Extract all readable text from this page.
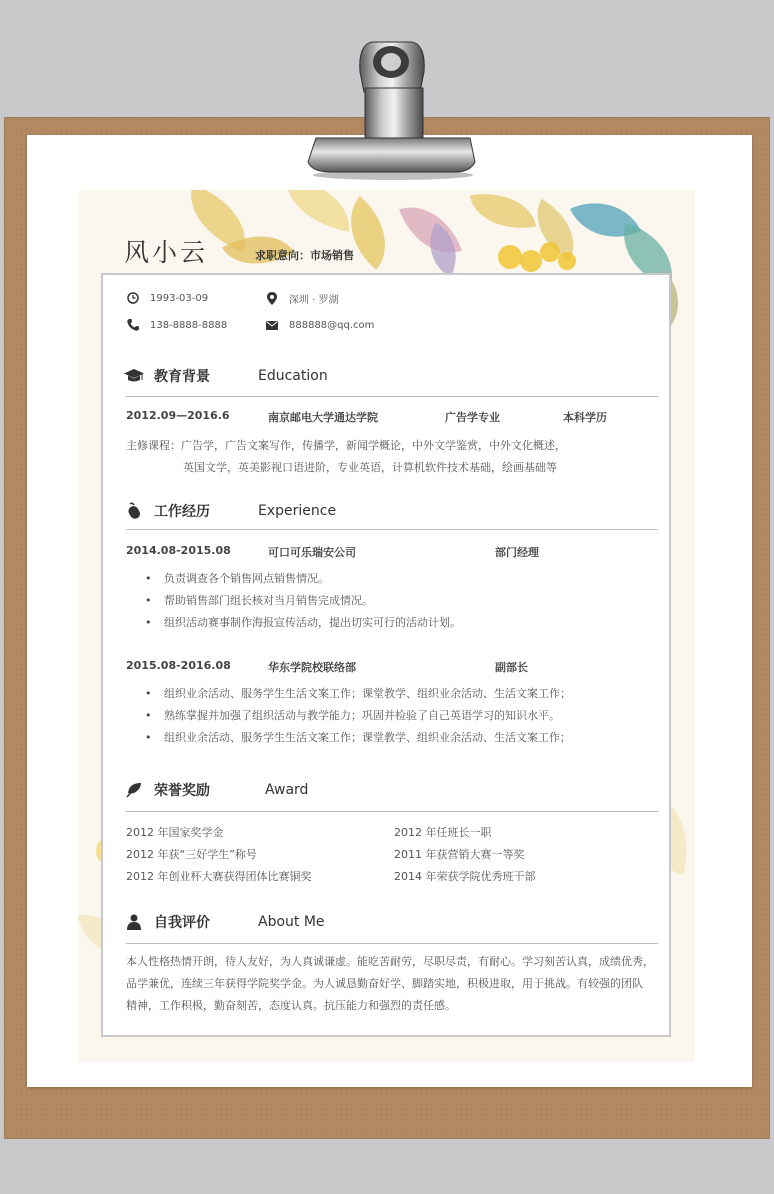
风小云	求职意向：市场销售
1993-03-09	深圳 · 罗湖
138-8888-8888	888888@qq.com
教育背景	Education
2012.09—2016.6	南京邮电大学通达学院	广告学专业	本科学历
主修课程：广告学，广告文案写作，传播学，新闻学概论，中外文学鉴赏，中外文化概述，
英国文学，英美影视口语进阶，专业英语，计算机软件技术基础，绘画基础等
工作经历	Experience
2014.08-2015.08	可口可乐瑞安公司	部门经理
• 负责调查各个销售网点销售情况。
• 帮助销售部门组长核对当月销售完成情况。
• 组织活动赛事制作海报宣传活动，提出切实可行的活动计划。
2015.08-2016.08	华东学院校联络部	副部长
• 组织业余活动、服务学生生活文案工作；课堂教学、组织业余活动、生活文案工作；
• 熟练掌握并加强了组织活动与教学能力；巩固并检验了自己英语学习的知识水平。
• 组织业余活动、服务学生生活文案工作；课堂教学、组织业余活动、生活文案工作；
荣誉奖励	Award
2012 年国家奖学金	2012 年任班长一职
2012 年获“三好学生”称号	2011 年获营销大赛一等奖
2012 年创业杯大赛获得团体比赛铜奖	2014 年荣获学院优秀班干部
自我评价	About Me
本人性格热情开朗，待人友好，为人真诚谦虚。能吃苦耐劳，尽职尽责，有耐心。学习刻苦认真，成绩优秀，
品学兼优，连续三年获得学院奖学金。为人诚恳勤奋好学、脚踏实地，积极进取，用于挑战。有较强的团队
精神，工作积极，勤奋刻苦，态度认真。抗压能力和强烈的责任感。
